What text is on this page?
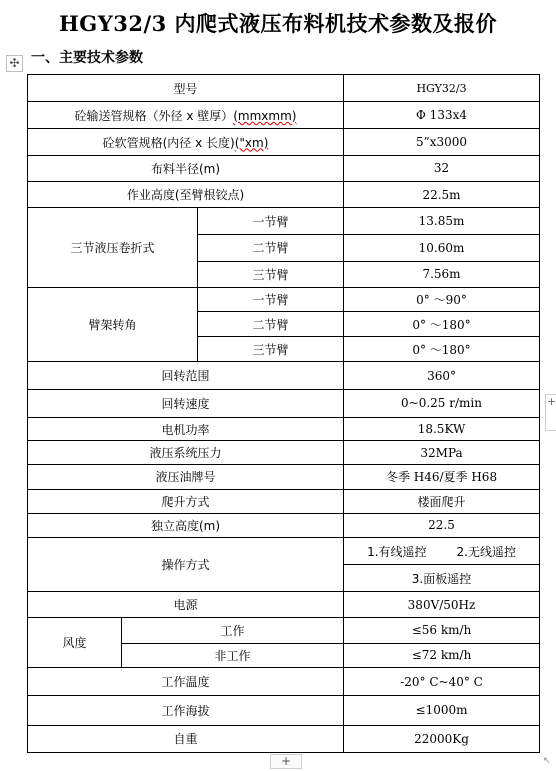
HGY32/3 内爬式液压布料机技术参数及报价
✣ 一、主要技术参数
型号			HGY32/3
砼输送管规格（外径 x 壁厚）(mmxmm)			Φ 133x4
砼软管规格(内径 x 长度)("xm)			5”x3000
布料半径(m)			32
作业高度(至臂根铰点)			22.5m
三节液压卷折式		一节臂	13.85m
		二节臂	10.60m
		三节臂	7.56m
臂架转角		一节臂	0° ～90°
		二节臂	0° ～180°
		三节臂	0° ～180°
回转范围			360°
回转速度			0~0.25 r/min
电机功率			18.5KW
液压系统压力			32MPa
液压油牌号			冬季 H46/夏季 H68
爬升方式			楼面爬升
独立高度(m)			22.5
操作方式			1.有线遥控 2.无线遥控

			3.面板遥控
电源			380V/50Hz
风度	工作		≤56 km/h
	非工作		≤72 km/h
工作温度			-20° C~40° C
工作海拔			≤1000m
自重			22000Kg
+
+	↖
